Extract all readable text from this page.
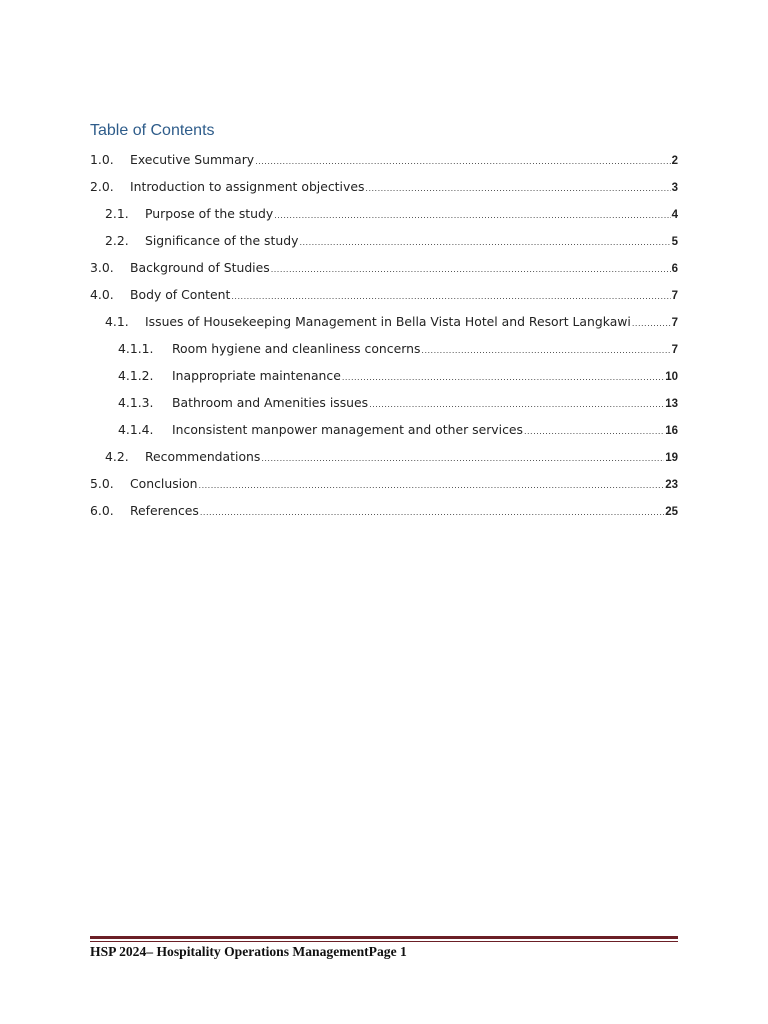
Table of Contents
1.0.	Executive Summary .....	2
2.0.	Introduction to assignment objectives .....	3
2.1.	Purpose of the study .....	4
2.2.	Significance of the study .....	5
3.0.	Background of Studies .....	6
4.0.	Body of Content .....	7
4.1.	Issues of Housekeeping Management in Bella Vista Hotel and Resort Langkawi .....	7
4.1.1.	Room hygiene and cleanliness concerns .....	7
4.1.2.	Inappropriate maintenance .....	10
4.1.3.	Bathroom and Amenities issues .....	13
4.1.4.	Inconsistent manpower management and other services .....	16
4.2.	Recommendations .....	19
5.0.	Conclusion .....	23
6.0.	References .....	25
HSP 2024– Hospitality Operations ManagementPage 1
